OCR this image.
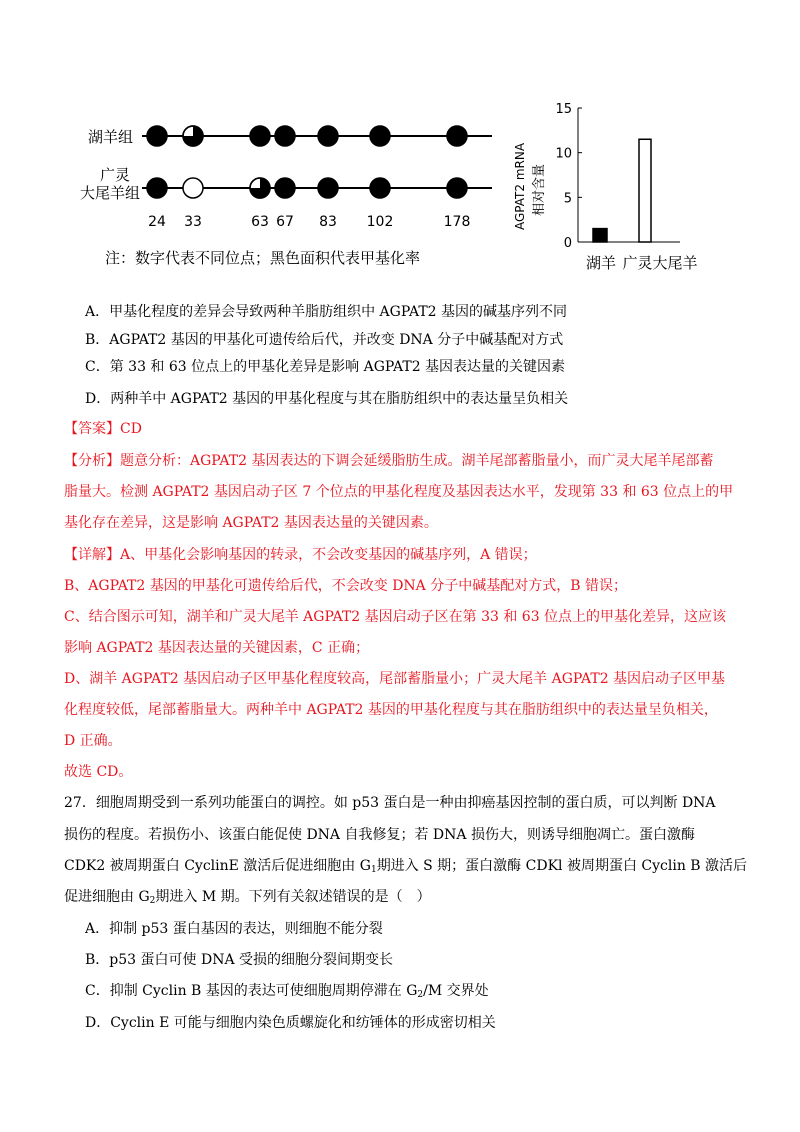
湖羊组
广灵
大尾羊组
24 33	63 67 83 102	178
注：数字代表不同位点；黑色面积代表甲基化率
AGPAT2 mRNA 相对含量
0
5
10
15
湖羊 广灵大尾羊
A．甲基化程度的差异会导致两种羊脂肪组织中 AGPAT2 基因的碱基序列不同
B．AGPAT2 基因的甲基化可遗传给后代，并改变 DNA 分子中碱基配对方式
C．第 33 和 63 位点上的甲基化差异是影响 AGPAT2 基因表达量的关键因素
D．两种羊中 AGPAT2 基因的甲基化程度与其在脂肪组织中的表达量呈负相关
【答案】CD
【分析】题意分析：AGPAT2 基因表达的下调会延缓脂肪生成。湖羊尾部蓄脂量小，而广灵大尾羊尾部蓄
脂量大。检测 AGPAT2 基因启动子区 7 个位点的甲基化程度及基因表达水平，发现第 33 和 63 位点上的甲
基化存在差异，这是影响 AGPAT2 基因表达量的关键因素。
【详解】A、甲基化会影响基因的转录，不会改变基因的碱基序列，A 错误；
B、AGPAT2 基因的甲基化可遗传给后代，不会改变 DNA 分子中碱基配对方式，B 错误；
C、结合图示可知，湖羊和广灵大尾羊 AGPAT2 基因启动子区在第 33 和 63 位点上的甲基化差异，这应该
影响 AGPAT2 基因表达量的关键因素，C 正确；
D、湖羊 AGPAT2 基因启动子区甲基化程度较高，尾部蓄脂量小；广灵大尾羊 AGPAT2 基因启动子区甲基
化程度较低，尾部蓄脂量大。两种羊中 AGPAT2 基因的甲基化程度与其在脂肪组织中的表达量呈负相关，
D 正确。
故选 CD。
27．细胞周期受到一系列功能蛋白的调控。如 p53 蛋白是一种由抑癌基因控制的蛋白质，可以判断 DNA
损伤的程度。若损伤小、该蛋白能促使 DNA 自我修复；若 DNA 损伤大，则诱导细胞凋亡。蛋白激酶
CDK2 被周期蛋白 CyclinE 激活后促进细胞由 $G_1$期进入 S 期；蛋白激酶 CDKl 被周期蛋白 Cyclin B 激活后
促进细胞由 $G_2$期进入 M 期。下列有关叙述错误的是（　）
A．抑制 p53 蛋白基因的表达，则细胞不能分裂
B．p53 蛋白可使 DNA 受损的细胞分裂间期变长
C．抑制 Cyclin B 基因的表达可使细胞周期停滞在 $G_2/M$ 交界处
D．Cyclin E 可能与细胞内染色质螺旋化和纺锤体的形成密切相关
